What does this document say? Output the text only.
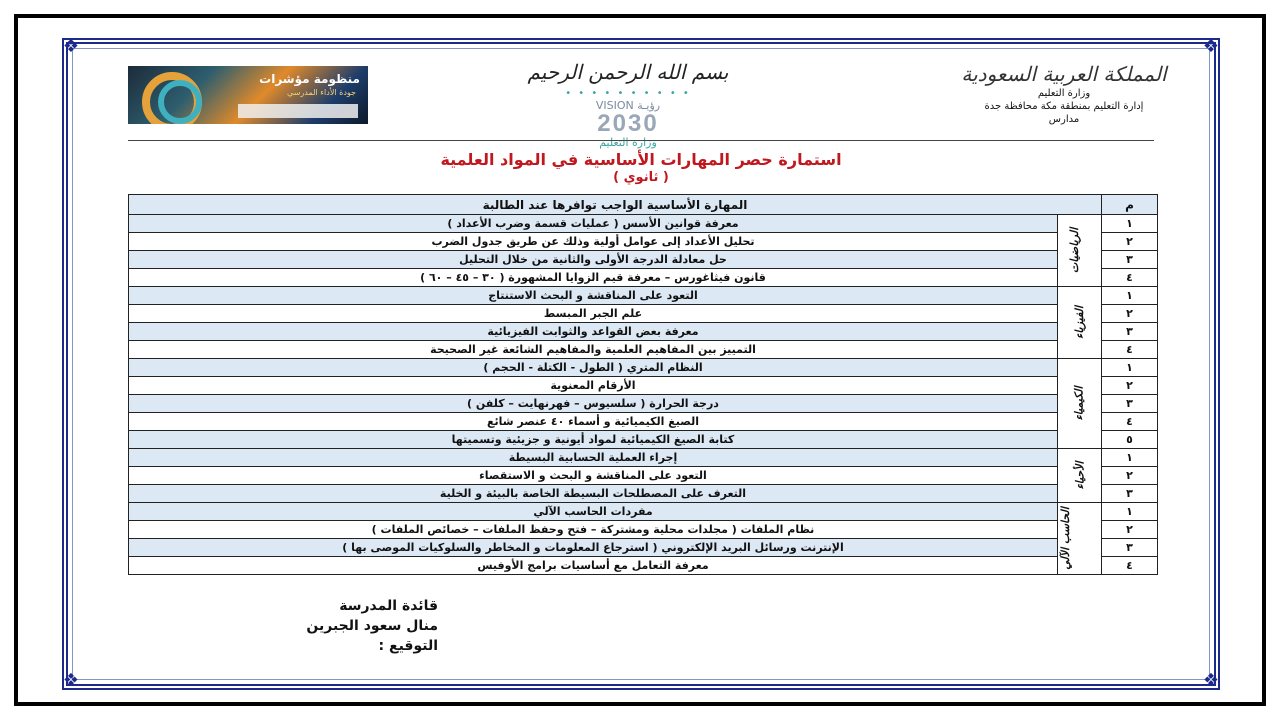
❖	❖
❖	❖
المملكة العربية السعودية
وزارة التعليم
إدارة التعليم بمنطقة مكة محافظة جدة
مدارس
بسم الله الرحمن الرحيم
• • • • • • • • • •
VISION رؤيـة
2030
وزارة التعليم
منظومة مؤشرات
جودة الأداء المدرسي
استمارة حصر المهارات الأساسية في المواد العلمية
( ثانوي )
م	المهارة الأساسية الواجب توافرها عند الطالبة	
١	الرياضيات	معرفة قوانين الأسس ( عمليات قسمة وضرب الأعداد )
٢		تحليل الأعداد إلى عوامل أولية وذلك عن طريق جدول الضرب
٣		حل معادلة الدرجة الأولى والثانية من خلال التحليل
٤		قانون فيثاغورس – معرفة قيم الزوايا المشهورة ( ٣٠ – ٤٥ – ٦٠ )
١	الفيزياء	التعود على المناقشة و البحث الاستنتاج
٢		علم الجبر المبسط
٣		معرفة بعض القواعد والثوابت الفيزيائية
٤		التمييز بين المفاهيم العلمية والمفاهيم الشائعة غير الصحيحة
١	الكيمياء	النظام المتري ( الطول - الكتلة - الحجم )
٢		الأرقام المعنوية
٣		درجة الحرارة ( سلسيوس – فهرنهايت – كلفن )
٤		الصيغ الكيميائية و أسماء ٤٠ عنصر شائع
٥		كتابة الصيغ الكيميائية لمواد أيونية و جزيئية وتسميتها
١	الأحياء	إجراء العملية الحسابية البسيطة
٢		التعود على المناقشة و البحث و الاستقصاء
٣		التعرف على المصطلحات البسيطة الخاصة بالبيئة و الخلية
١	الحاسب الآلي	مفردات الحاسب الآلي
٢		نظام الملفات ( مجلدات محلية ومشتركة – فتح وحفظ الملفات – خصائص الملفات )
٣		الإنترنت ورسائل البريد الإلكتروني ( استرجاع المعلومات و المخاطر والسلوكيات الموصى بها )
٤		معرفة التعامل مع أساسيات برامج الأوفيس
قائدة المدرسة
منال سعود الجبرين
التوقيع :
